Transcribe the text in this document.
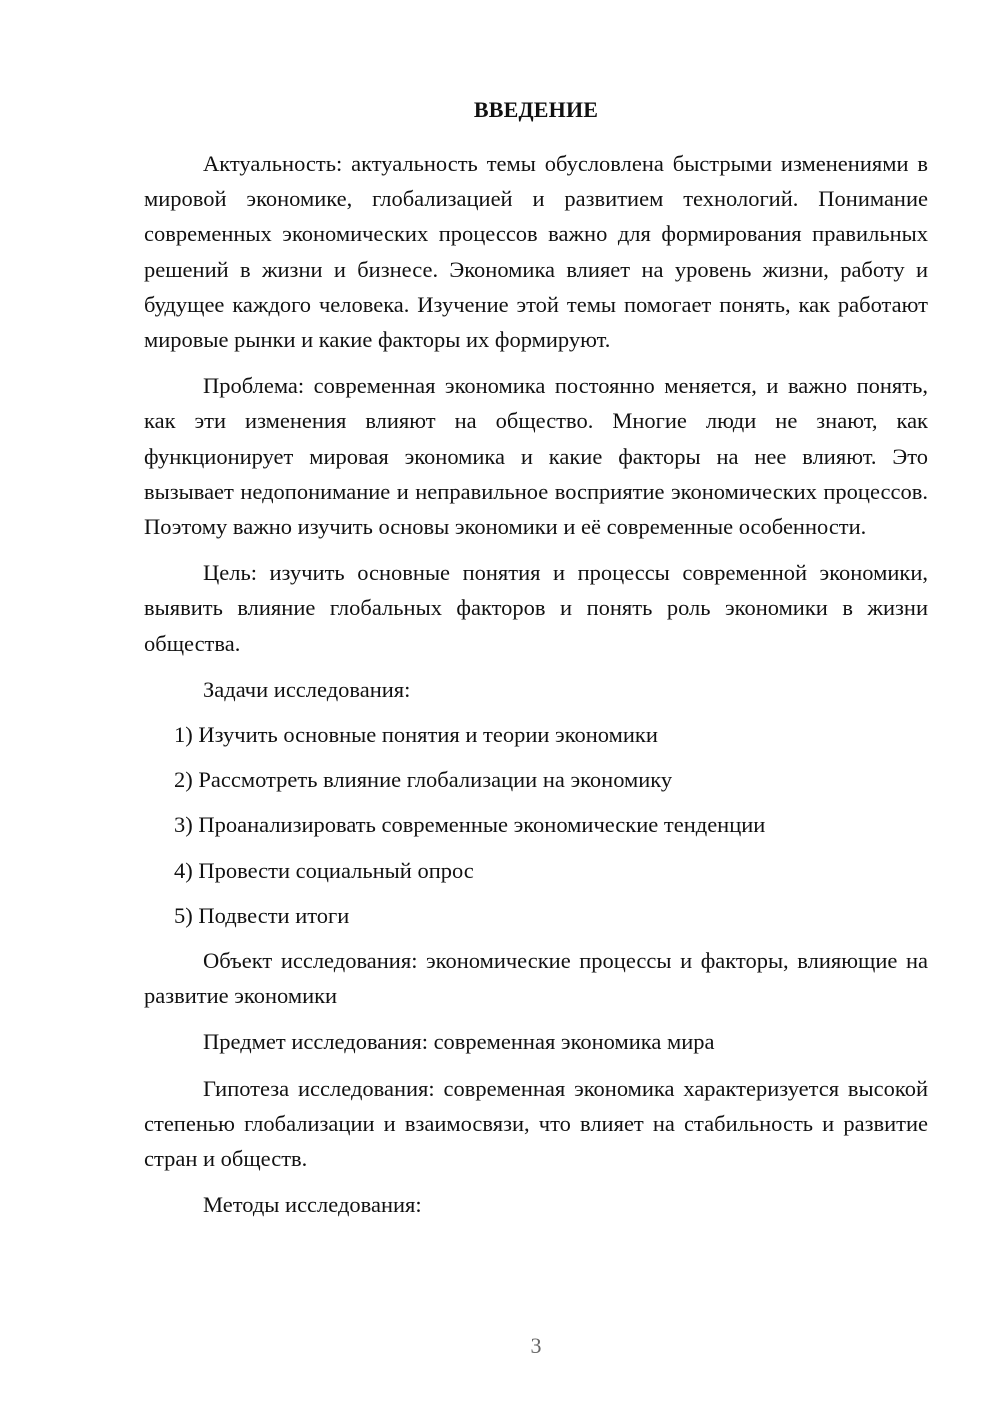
ВВЕДЕНИЕ

Актуальность: актуальность темы обусловлена быстрыми изменениями в мировой экономике, глобализацией и развитием технологий. Понимание современных экономических процессов важно для формирования правильных решений в жизни и бизнесе. Экономика влияет на уровень жизни, работу и будущее каждого человека. Изучение этой темы помогает понять, как работают мировые рынки и какие факторы их формируют.

Проблема: современная экономика постоянно меняется, и важно понять, как эти изменения влияют на общество. Многие люди не знают, как функционирует мировая экономика и какие факторы на нее влияют. Это вызывает недопонимание и неправильное восприятие экономических процессов. Поэтому важно изучить основы экономики и её современные особенности.

Цель: изучить основные понятия и процессы современной экономики, выявить влияние глобальных факторов и понять роль экономики в жизни общества.

Задачи исследования:

1) Изучить основные понятия и теории экономики
2) Рассмотреть влияние глобализации на экономику
3) Проанализировать современные экономические тенденции
4) Провести социальный опрос
5) Подвести итоги

Объект исследования: экономические процессы и факторы, влияющие на развитие экономики

Предмет исследования: современная экономика мира

Гипотеза исследования: современная экономика характеризуется высокой степенью глобализации и взаимосвязи, что влияет на стабильность и развитие стран и обществ.

Методы исследования:

3
